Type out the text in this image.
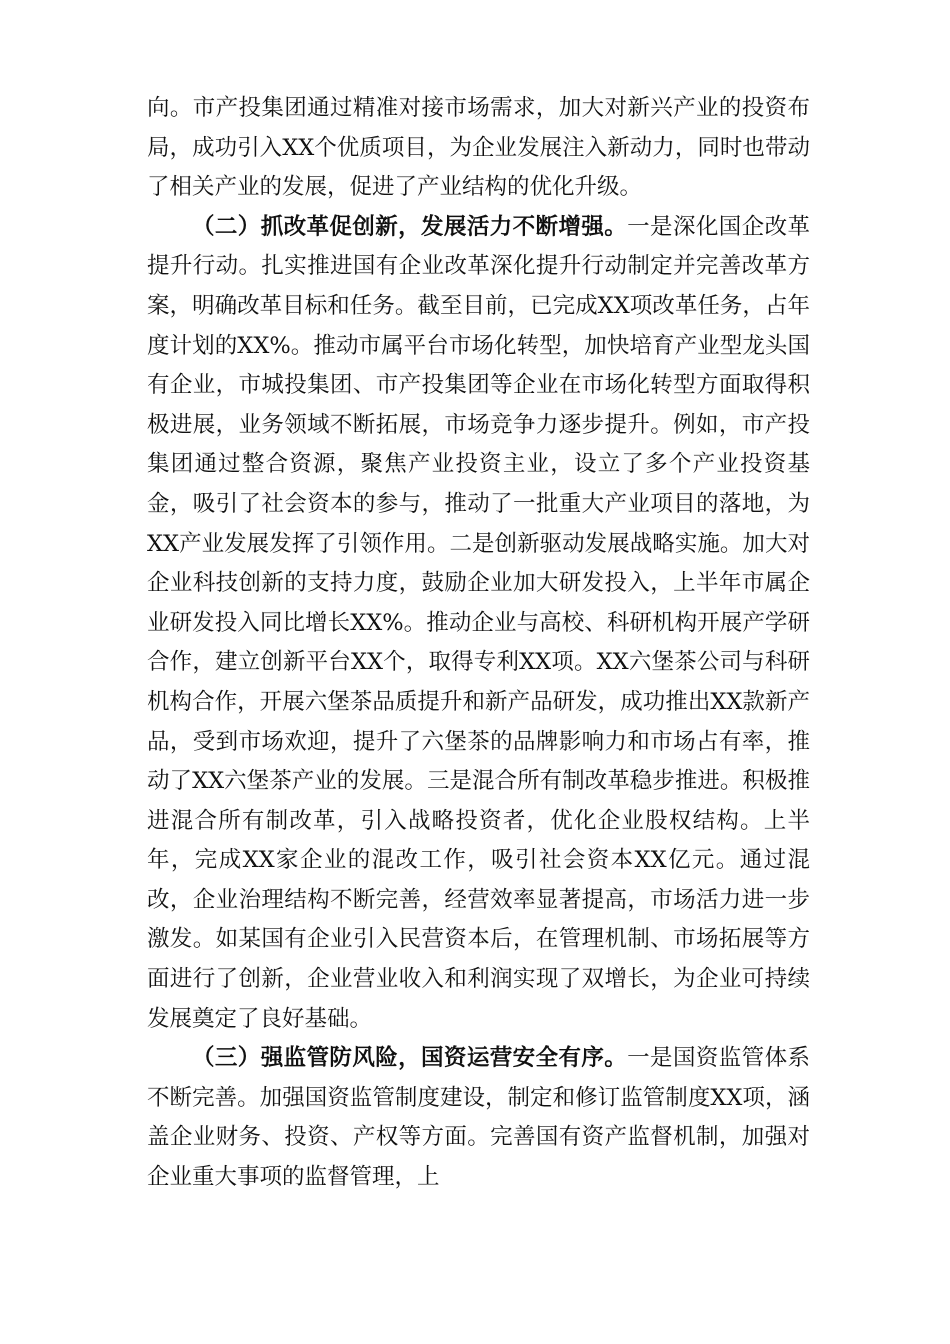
向。市产投集团通过精准对接市场需求，加大对新兴产业的投资布局，成功引入XX个优质项目，为企业发展注入新动力，同时也带动了相关产业的发展，促进了产业结构的优化升级。

（二）抓改革促创新，发展活力不断增强。一是深化国企改革提升行动。扎实推进国有企业改革深化提升行动制定并完善改革方案，明确改革目标和任务。截至目前，已完成XX项改革任务，占年度计划的XX%。推动市属平台市场化转型，加快培育产业型龙头国有企业，市城投集团、市产投集团等企业在市场化转型方面取得积极进展，业务领域不断拓展，市场竞争力逐步提升。例如，市产投集团通过整合资源，聚焦产业投资主业，设立了多个产业投资基金，吸引了社会资本的参与，推动了一批重大产业项目的落地，为XX产业发展发挥了引领作用。二是创新驱动发展战略实施。加大对企业科技创新的支持力度，鼓励企业加大研发投入，上半年市属企业研发投入同比增长XX%。推动企业与高校、科研机构开展产学研合作，建立创新平台XX个，取得专利XX项。XX六堡茶公司与科研机构合作，开展六堡茶品质提升和新产品研发，成功推出XX款新产品，受到市场欢迎，提升了六堡茶的品牌影响力和市场占有率，推动了XX六堡茶产业的发展。三是混合所有制改革稳步推进。积极推进混合所有制改革，引入战略投资者，优化企业股权结构。上半年，完成XX家企业的混改工作，吸引社会资本XX亿元。通过混改，企业治理结构不断完善，经营效率显著提高，市场活力进一步激发。如某国有企业引入民营资本后，在管理机制、市场拓展等方面进行了创新，企业营业收入和利润实现了双增长，为企业可持续发展奠定了良好基础。

（三）强监管防风险，国资运营安全有序。一是国资监管体系不断完善。加强国资监管制度建设，制定和修订监管制度XX项，涵盖企业财务、投资、产权等方面。完善国有资产监督机制，加强对企业重大事项的监督管理，上
